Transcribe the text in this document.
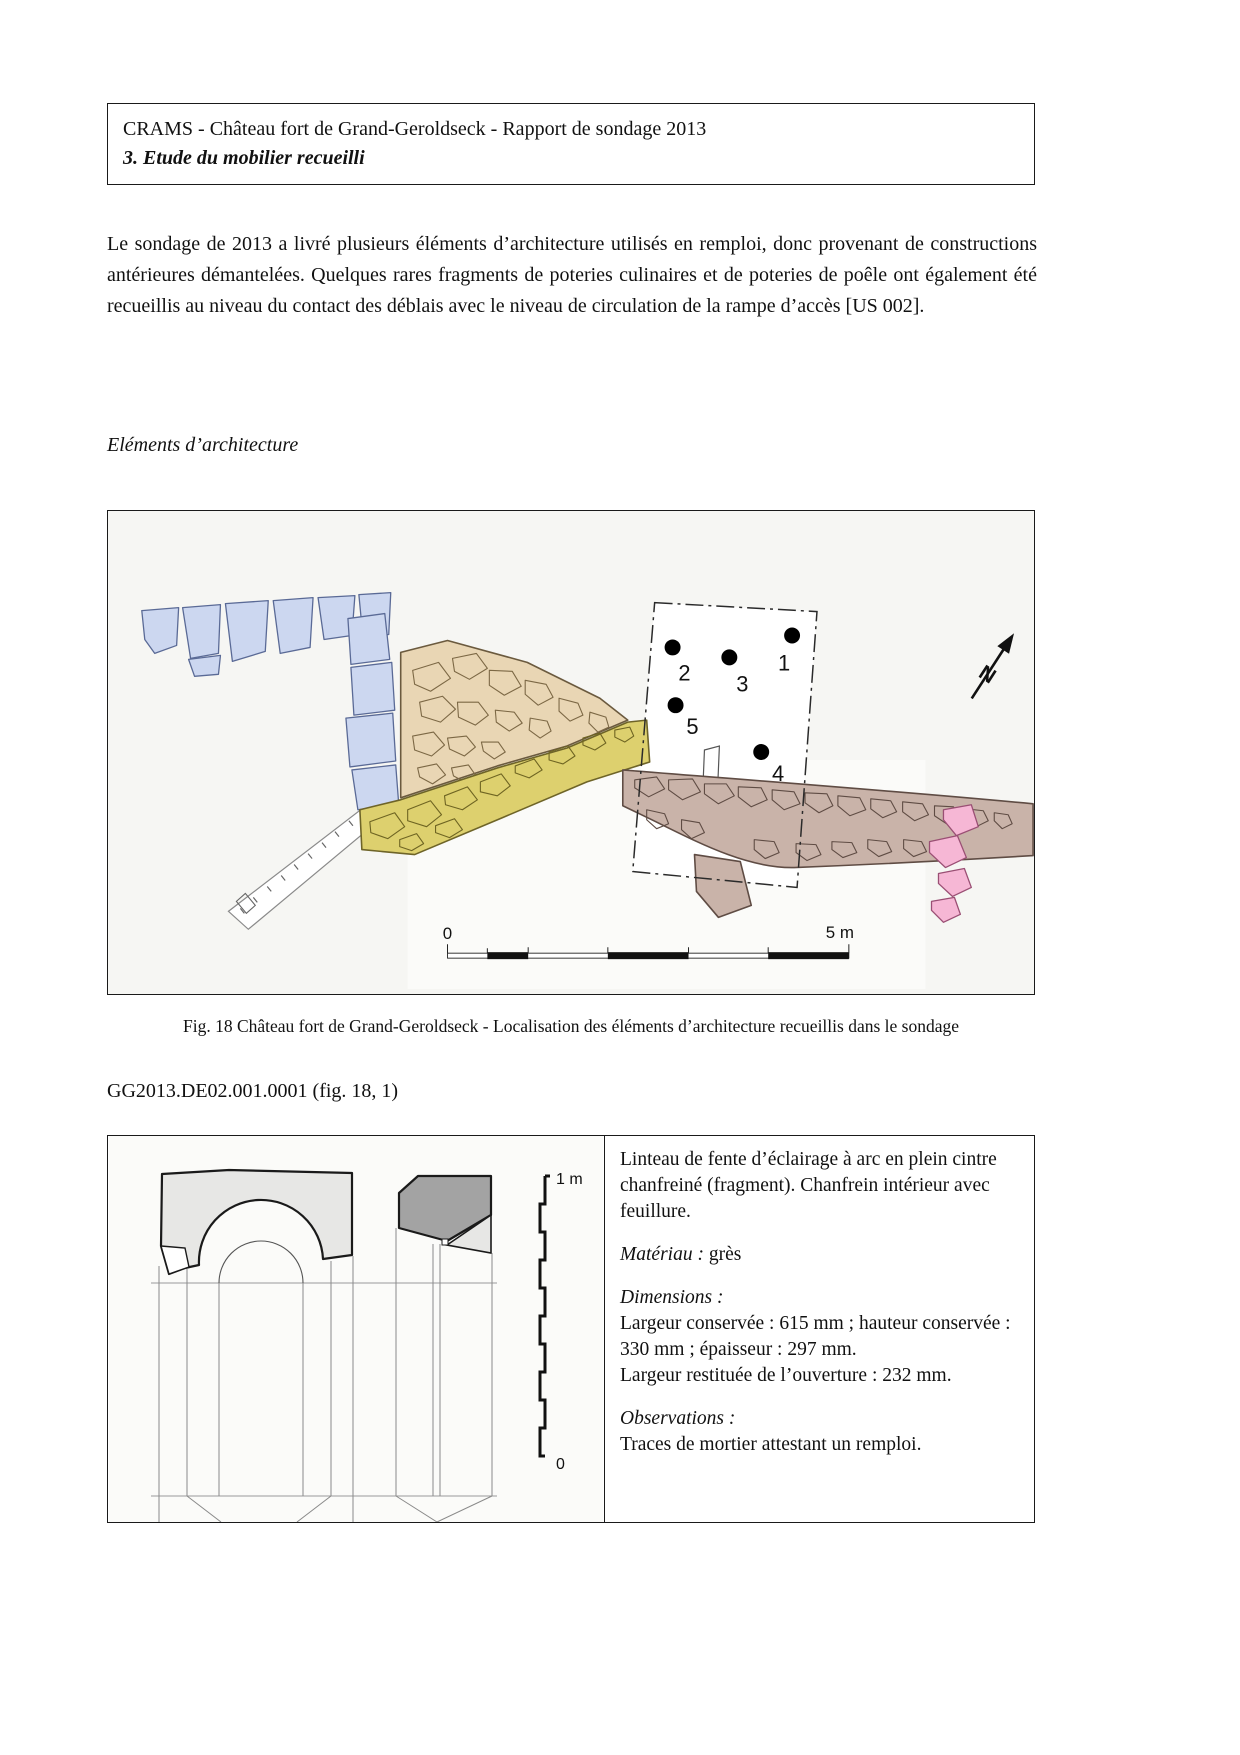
CRAMS - Château fort de Grand-Geroldseck - Rapport de sondage 2013
3. Etude du mobilier recueilli
Le sondage de 2013 a livré plusieurs éléments d’architecture utilisés en remploi, donc provenant de constructions antérieures démantelées. Quelques rares fragments de poteries culinaires et de poteries de poêle ont également été recueillis au niveau du contact des déblais avec le niveau de circulation de la rampe d’accès [US 002].
Eléments d’architecture
1
2 3
4
5
N
0	5 m
Fig. 18 Château fort de Grand-Geroldseck - Localisation des éléments d’architecture recueillis dans le sondage
GG2013.DE02.001.0001 (fig. 18, 1)
1 m
0

Linteau de fente d’éclairage à arc en plein cintre chanfreiné (fragment). Chanfrein intérieur avec feuillure.

Matériau : grès

Dimensions :
Largeur conservée : 615 mm ; hauteur conservée : 330 mm ; épaisseur : 297 mm.
Largeur restituée de l’ouverture : 232 mm.

Observations :
Traces de mortier attestant un remploi.
